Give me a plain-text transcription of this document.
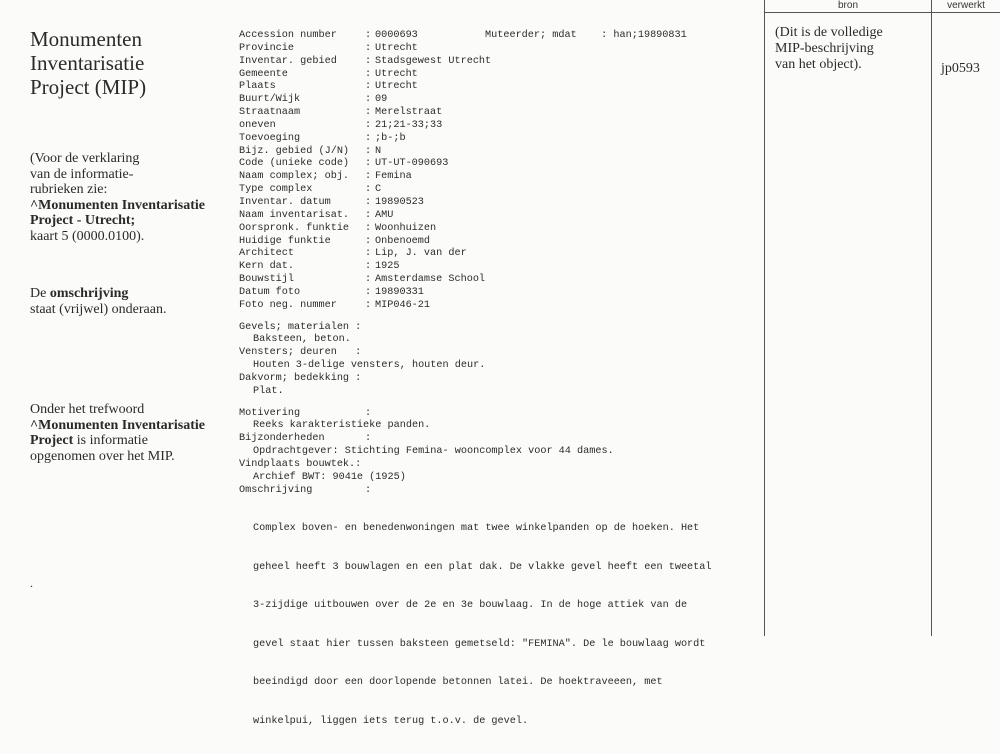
Monumenten
Inventarisatie
Project (MIP)
(Voor de verklaring
van de informatie-
rubrieken zie:
^Monumenten Inventarisatie
Project - Utrecht;
kaart 5 (0000.0100).
De omschrijving
staat (vrijwel) onderaan.
Onder het trefwoord
^Monumenten Inventarisatie
Project is informatie
opgenomen over het MIP.
.
Accession number	: 0000693	Muteerder; mdat    : han;19890831
Provincie	: Utrecht
Inventar. gebied	: Stadsgewest Utrecht
Gemeente	: Utrecht
Plaats	: Utrecht
Buurt/Wijk	: 09
Straatnaam	: Merelstraat
oneven	: 21;21-33;33
Toevoeging	: ;b-;b
Bijz. gebied (J/N)	: N
Code (unieke code)	: UT-UT-090693
Naam complex; obj.	: Femina
Type complex	: C
Inventar. datum	: 19890523
Naam inventarisat.	: AMU
Oorspronk. funktie	: Woonhuizen
Huidige funktie	: Onbenoemd
Architect	: Lip, J. van der
Kern dat.	: 1925
Bouwstijl	: Amsterdamse School
Datum foto	: 19890331
Foto neg. nummer	: MIP046-21
Gevels; materialen :
Baksteen, beton.
Vensters; deuren   :
Houten 3-delige vensters, houten deur.
Dakvorm; bedekking :
Plat.
Motivering	:
Reeks karakteristieke panden.
Bijzonderheden	:
Opdrachtgever: Stichting Femina- wooncomplex voor 44 dames.
Vindplaats bouwtek.:
Archief BWT: 9041e (1925)
Omschrijving	:

Complex boven- en benedenwoningen mat twee winkelpanden op de hoeken. Het

geheel heeft 3 bouwlagen en een plat dak. De vlakke gevel heeft een tweetal

3-zijdige uitbouwen over de 2e en 3e bouwlaag. In de hoge attiek van de

gevel staat hier tussen baksteen gemetseld: "FEMINA". De le bouwlaag wordt

beeindigd door een doorlopende betonnen latei. De hoektraveeen, met

winkelpui, liggen iets terug t.o.v. de gevel.

bron	verwerkt
(Dit is de volledige
MIP-beschrijving
van het object).	jp0593
